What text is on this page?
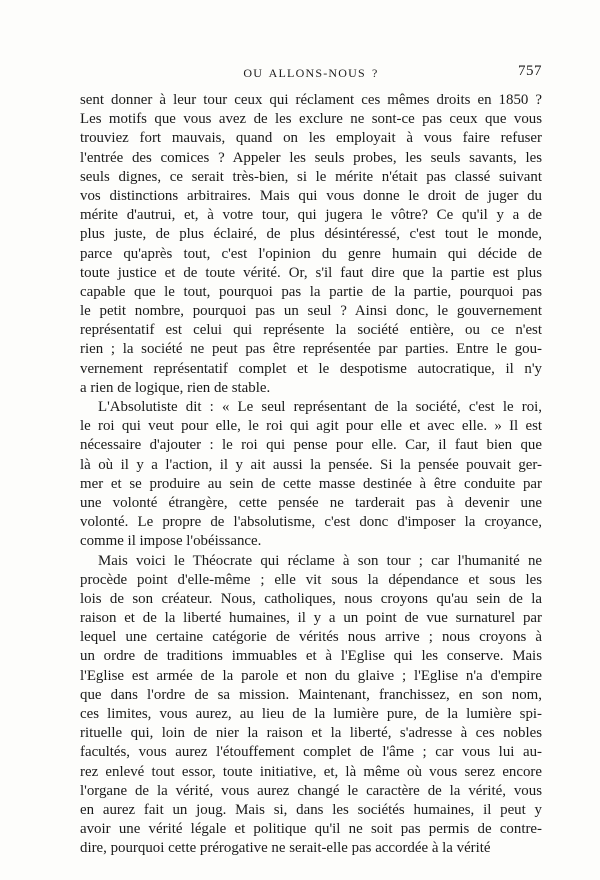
OU ALLONS-NOUS ?	757
sent donner à leur tour ceux qui réclament ces mêmes droits en 1850 ?
Les motifs que vous avez de les exclure ne sont-ce pas ceux que vous
trouviez fort mauvais, quand on les employait à vous faire refuser
l'entrée des comices ? Appeler les seuls probes, les seuls savants, les
seuls dignes, ce serait très-bien, si le mérite n'était pas classé suivant
vos distinctions arbitraires. Mais qui vous donne le droit de juger du
mérite d'autrui, et, à votre tour, qui jugera le vôtre? Ce qu'il y a de
plus juste, de plus éclairé, de plus désintéressé, c'est tout le monde,
parce qu'après tout, c'est l'opinion du genre humain qui décide de
toute justice et de toute vérité. Or, s'il faut dire que la partie est plus
capable que le tout, pourquoi pas la partie de la partie, pourquoi pas
le petit nombre, pourquoi pas un seul ? Ainsi donc, le gouvernement
représentatif est celui qui représente la société entière, ou ce n'est
rien ; la société ne peut pas être représentée par parties. Entre le gou-
vernement représentatif complet et le despotisme autocratique, il n'y
a rien de logique, rien de stable.
L'Absolutiste dit : « Le seul représentant de la société, c'est le roi,
le roi qui veut pour elle, le roi qui agit pour elle et avec elle. » Il est
nécessaire d'ajouter : le roi qui pense pour elle. Car, il faut bien que
là où il y a l'action, il y ait aussi la pensée. Si la pensée pouvait ger-
mer et se produire au sein de cette masse destinée à être conduite par
une volonté étrangère, cette pensée ne tarderait pas à devenir une
volonté. Le propre de l'absolutisme, c'est donc d'imposer la croyance,
comme il impose l'obéissance.
Mais voici le Théocrate qui réclame à son tour ; car l'humanité ne
procède point d'elle-même ; elle vit sous la dépendance et sous les
lois de son créateur. Nous, catholiques, nous croyons qu'au sein de la
raison et de la liberté humaines, il y a un point de vue surnaturel par
lequel une certaine catégorie de vérités nous arrive ; nous croyons à
un ordre de traditions immuables et à l'Eglise qui les conserve. Mais
l'Eglise est armée de la parole et non du glaive ; l'Eglise n'a d'empire
que dans l'ordre de sa mission. Maintenant, franchissez, en son nom,
ces limites, vous aurez, au lieu de la lumière pure, de la lumière spi-
rituelle qui, loin de nier la raison et la liberté, s'adresse à ces nobles
facultés, vous aurez l'étouffement complet de l'âme ; car vous lui au-
rez enlevé tout essor, toute initiative, et, là même où vous serez encore
l'organe de la vérité, vous aurez changé le caractère de la vérité, vous
en aurez fait un joug. Mais si, dans les sociétés humaines, il peut y
avoir une vérité légale et politique qu'il ne soit pas permis de contre-
dire, pourquoi cette prérogative ne serait-elle pas accordée à la vérité
